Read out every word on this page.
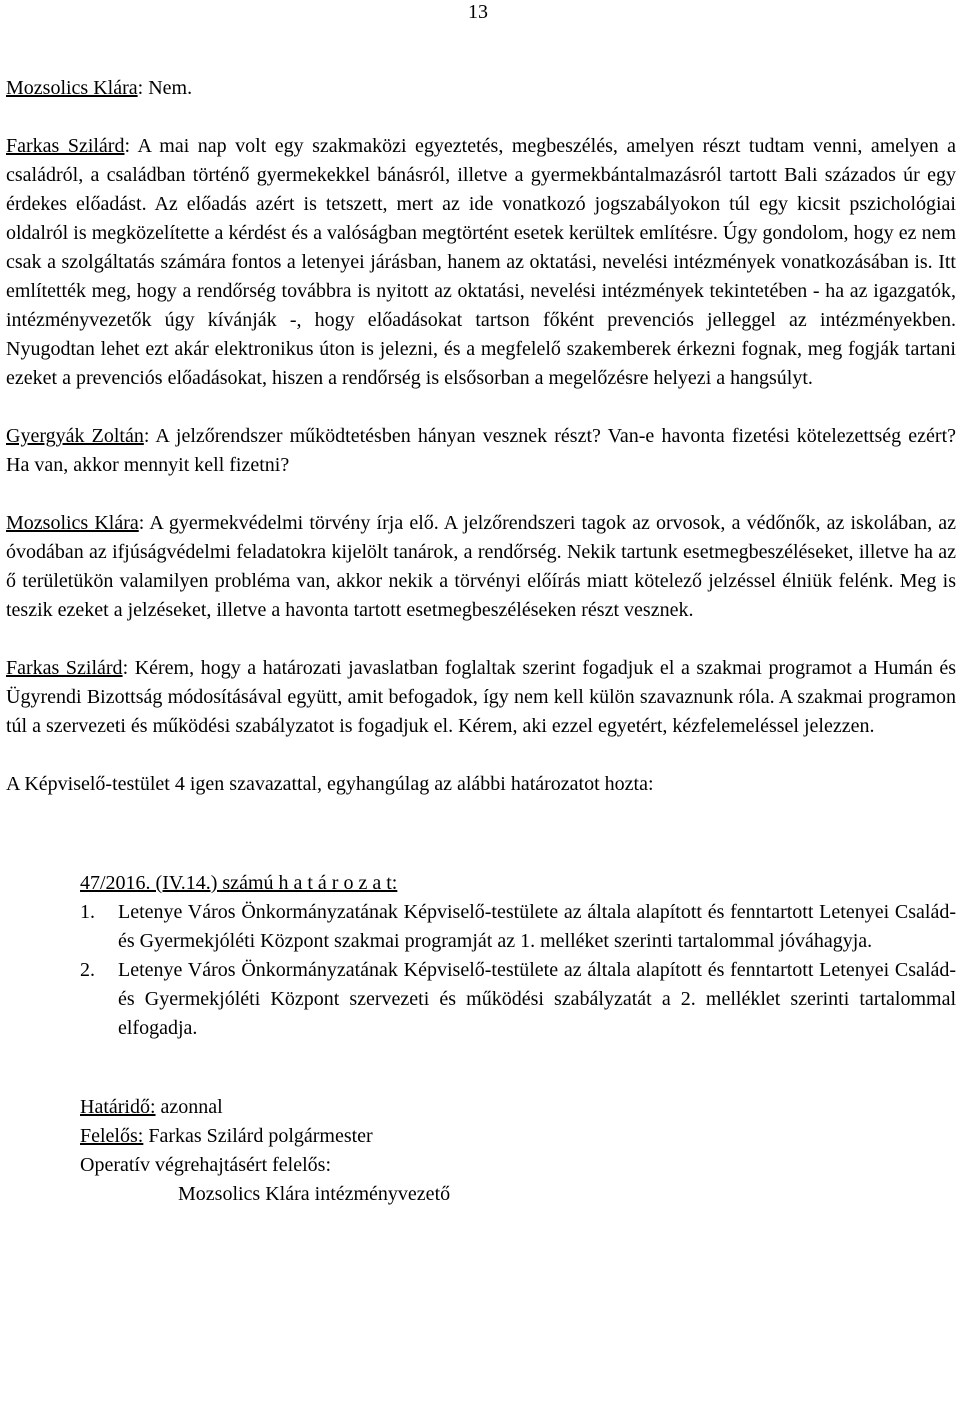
13

Mozsolics Klára: Nem.

Farkas Szilárd: A mai nap volt egy szakmaközi egyeztetés, megbeszélés, amelyen részt tudtam venni, amelyen a családról, a családban történő gyermekekkel bánásról, illetve a gyermekbántalmazásról tartott Bali százados úr egy érdekes előadást. Az előadás azért is tetszett, mert az ide vonatkozó jogszabályokon túl egy kicsit pszichológiai oldalról is megközelítette a kérdést és a valóságban megtörtént esetek kerültek említésre. Úgy gondolom, hogy ez nem csak a szolgáltatás számára fontos a letenyei járásban, hanem az oktatási, nevelési intézmények vonatkozásában is. Itt említették meg, hogy a rendőrség továbbra is nyitott az oktatási, nevelési intézmények tekintetében - ha az igazgatók, intézményvezetők úgy kívánják -, hogy előadásokat tartson főként prevenciós jelleggel az intézményekben. Nyugodtan lehet ezt akár elektronikus úton is jelezni, és a megfelelő szakemberek érkezni fognak, meg fogják tartani ezeket a prevenciós előadásokat, hiszen a rendőrség is elsősorban a megelőzésre helyezi a hangsúlyt.

Gyergyák Zoltán: A jelzőrendszer működtetésben hányan vesznek részt? Van-e havonta fizetési kötelezettség ezért? Ha van, akkor mennyit kell fizetni?

Mozsolics Klára: A gyermekvédelmi törvény írja elő. A jelzőrendszeri tagok az orvosok, a védőnők, az iskolában, az óvodában az ifjúságvédelmi feladatokra kijelölt tanárok, a rendőrség. Nekik tartunk esetmegbeszéléseket, illetve ha az ő területükön valamilyen probléma van, akkor nekik a törvényi előírás miatt kötelező jelzéssel élniük felénk. Meg is teszik ezeket a jelzéseket, illetve a havonta tartott esetmegbeszéléseken részt vesznek.

Farkas Szilárd: Kérem, hogy a határozati javaslatban foglaltak szerint fogadjuk el a szakmai programot a Humán és Ügyrendi Bizottság módosításával együtt, amit befogadok, így nem kell külön szavaznunk róla. A szakmai programon túl a szervezeti és működési szabályzatot is fogadjuk el. Kérem, aki ezzel egyetért, kézfelemeléssel jelezzen.

A Képviselő-testület 4 igen szavazattal, egyhangúlag az alábbi határozatot hozta:

47/2016. (IV.14.) számú h a t á r o z a t:

1. Letenye Város Önkormányzatának Képviselő-testülete az általa alapított és fenntartott Letenyei Család- és Gyermekjóléti Központ szakmai programját az 1. melléket szerinti tartalommal jóváhagyja.

2. Letenye Város Önkormányzatának Képviselő-testülete az általa alapított és fenntartott Letenyei Család- és Gyermekjóléti Központ szervezeti és működési szabályzatát a 2. melléklet szerinti tartalommal elfogadja.

Határidő: azonnal

Felelős: Farkas Szilárd polgármester

Operatív végrehajtásért felelős:

Mozsolics Klára intézményvezető
